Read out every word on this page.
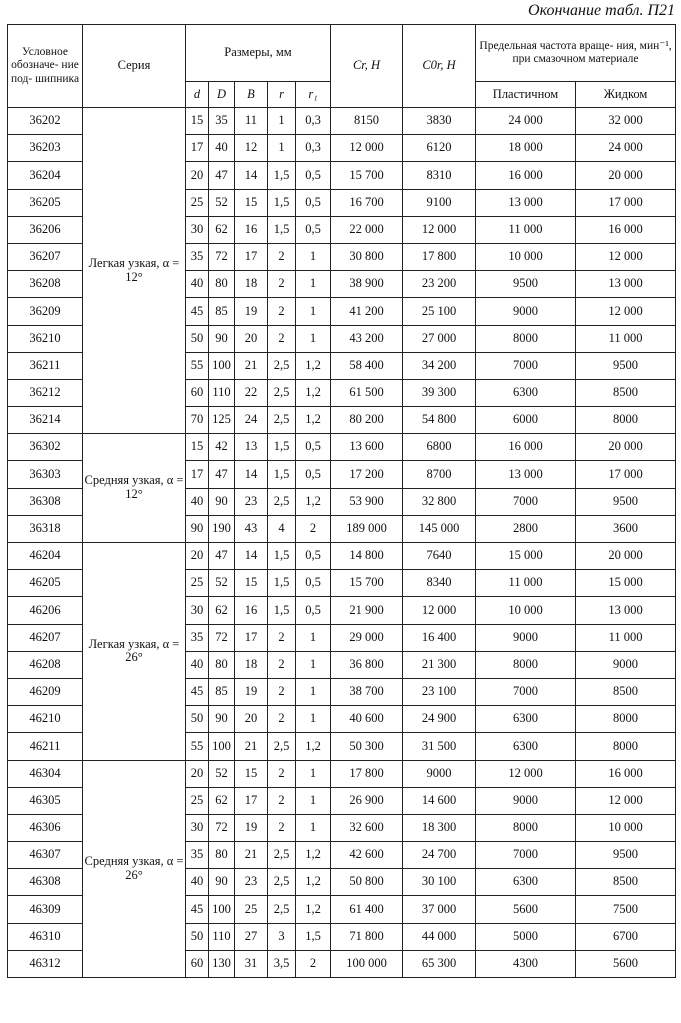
Окончание табл. П21
Условное обозначе- ние под- шипника	Серия	Размеры, мм					Cr, Н	C0r, Н	Предельная частота враще- ния, мин⁻¹, при смазочном материале	
		d	D	B	r	r₁			Пластичном	Жидком
36202	Легкая узкая, α = 12°	15	35	11	1	0,3	8150	3830	24 000	32 000
36203		17	40	12	1	0,3	12 000	6120	18 000	24 000
36204		20	47	14	1,5	0,5	15 700	8310	16 000	20 000
36205		25	52	15	1,5	0,5	16 700	9100	13 000	17 000
36206		30	62	16	1,5	0,5	22 000	12 000	11 000	16 000
36207		35	72	17	2	1	30 800	17 800	10 000	12 000
36208		40	80	18	2	1	38 900	23 200	9500	13 000
36209		45	85	19	2	1	41 200	25 100	9000	12 000
36210		50	90	20	2	1	43 200	27 000	8000	11 000
36211		55	100	21	2,5	1,2	58 400	34 200	7000	9500
36212		60	110	22	2,5	1,2	61 500	39 300	6300	8500
36214		70	125	24	2,5	1,2	80 200	54 800	6000	8000
36302	Средняя узкая, α = 12°	15	42	13	1,5	0,5	13 600	6800	16 000	20 000
36303		17	47	14	1,5	0,5	17 200	8700	13 000	17 000
36308		40	90	23	2,5	1,2	53 900	32 800	7000	9500
36318		90	190	43	4	2	189 000	145 000	2800	3600
46204	Легкая узкая, α = 26°	20	47	14	1,5	0,5	14 800	7640	15 000	20 000
46205		25	52	15	1,5	0,5	15 700	8340	11 000	15 000
46206		30	62	16	1,5	0,5	21 900	12 000	10 000	13 000
46207		35	72	17	2	1	29 000	16 400	9000	11 000
46208		40	80	18	2	1	36 800	21 300	8000	9000
46209		45	85	19	2	1	38 700	23 100	7000	8500
46210		50	90	20	2	1	40 600	24 900	6300	8000
46211		55	100	21	2,5	1,2	50 300	31 500	6300	8000
46304	Средняя узкая, α = 26°	20	52	15	2	1	17 800	9000	12 000	16 000
46305		25	62	17	2	1	26 900	14 600	9000	12 000
46306		30	72	19	2	1	32 600	18 300	8000	10 000
46307		35	80	21	2,5	1,2	42 600	24 700	7000	9500
46308		40	90	23	2,5	1,2	50 800	30 100	6300	8500
46309		45	100	25	2,5	1,2	61 400	37 000	5600	7500
46310		50	110	27	3	1,5	71 800	44 000	5000	6700
46312		60	130	31	3,5	2	100 000	65 300	4300	5600
